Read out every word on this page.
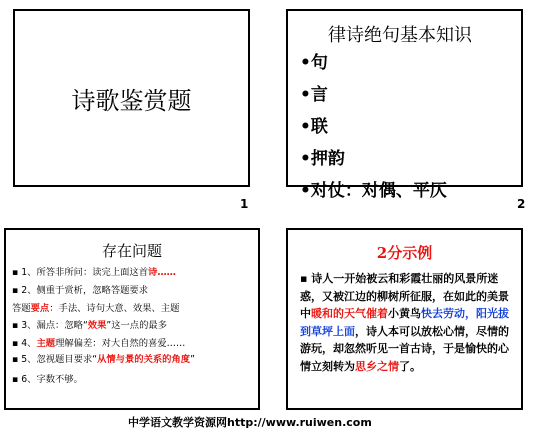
诗歌鉴赏题
1
律诗绝句基本知识
•句
•言
•联
•押韵
•对仗：对偶、平仄
2
存在问题
▪ 1、所答非所问：读完上面这首诗……
▪ 2、侧重于赏析，忽略答题要求
答题要点：手法、诗句大意、效果、主题
▪ 3、漏点：忽略“效果”这一点的最多
▪ 4、主题理解偏差：对大自然的喜爱……
▪ 5、忽视题目要求“从情与景的关系的角度”
▪ 6、字数不够。
2分示例
▪ 诗人一开始被云和彩霞壮丽的风景所迷惑，又被江边的柳树所征服，在如此的美景中暖和的天气催着小黄鸟快去劳动，阳光拔到草坪上面，诗人本可以放松心情，尽情的游玩，却忽然听见一首古诗，于是愉快的心情立刻转为思乡之情了。
中学语文教学资源网http://www.ruiwen.com
